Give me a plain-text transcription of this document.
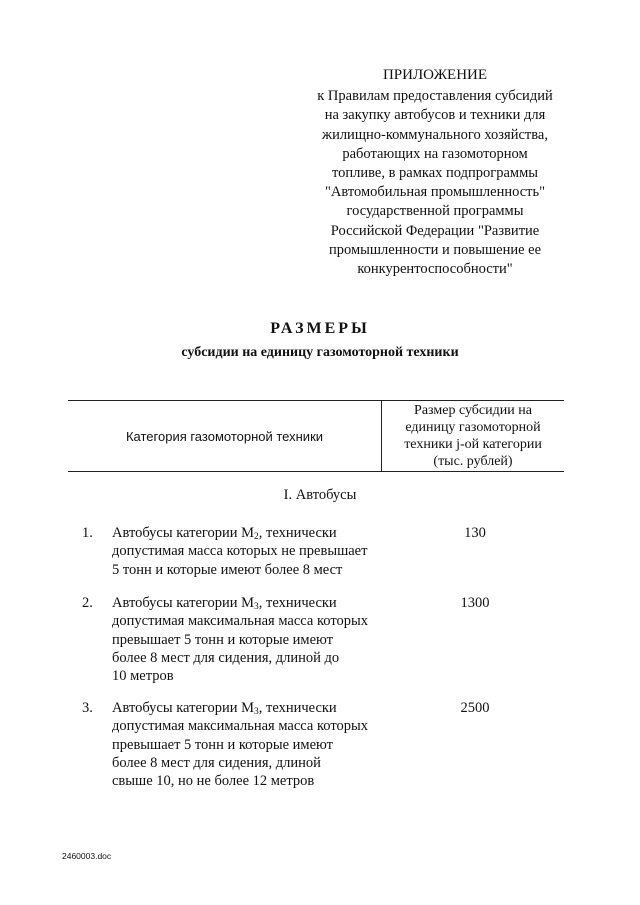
ПРИЛОЖЕНИЕ
к Правилам предоставления субсидий
на закупку автобусов и техники для
жилищно-коммунального хозяйства,
работающих на газомоторном
топливе, в рамках подпрограммы
"Автомобильная промышленность"
государственной программы
Российской Федерации "Развитие
промышленности и повышение ее
конкурентоспособности"
РАЗМЕРЫ
субсидии на единицу газомоторной техники
Категория газомоторной техники
Размер субсидии на
единицу газомоторной
техники j-ой категории
(тыс. рублей)
I. Автобусы
1. Автобусы категории $М_2$, технически
допустимая масса которых не превышает
5 тонн и которые имеют более 8 мест
130
2. Автобусы категории $М_3$, технически
допустимая максимальная масса которых
превышает 5 тонн и которые имеют
более 8 мест для сидения, длиной до
10 метров
1300
3. Автобусы категории $М_3$, технически
допустимая максимальная масса которых
превышает 5 тонн и которые имеют
более 8 мест для сидения, длиной
свыше 10, но не более 12 метров
2500
2460003.doc
